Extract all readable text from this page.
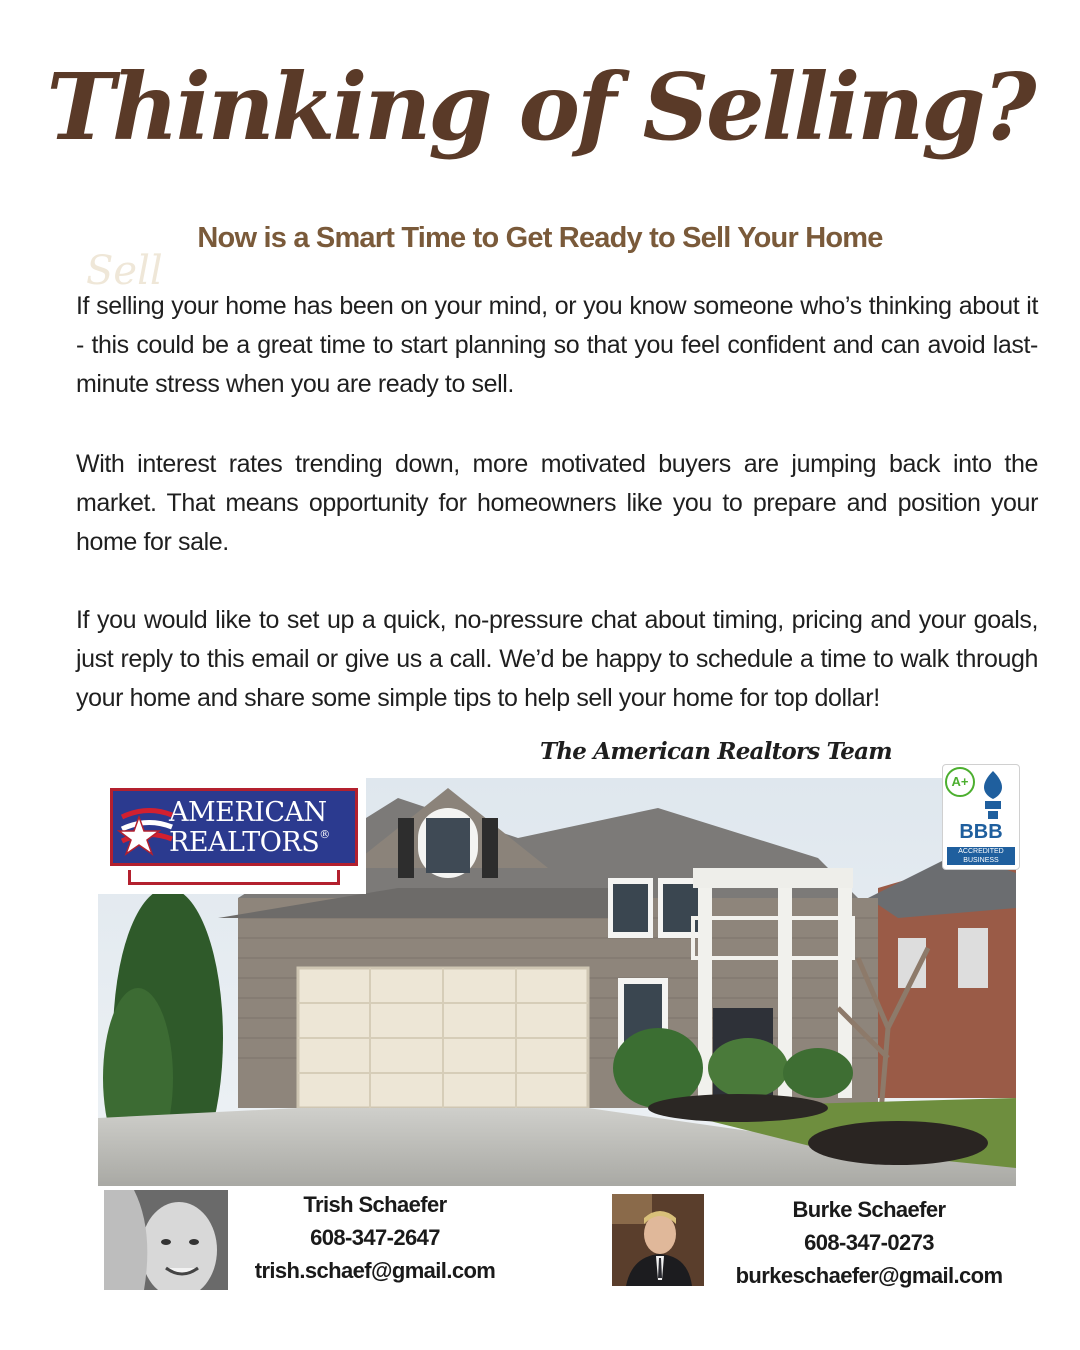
Sell
Thinking of Selling?
Now is a Smart Time to Get Ready to Sell Your Home

If selling your home has been on your mind, or you know someone who’s thinking about it - this could be a great time to start planning so that you feel confident and can avoid last-minute stress when you are ready to sell.

With interest rates trending down, more motivated buyers are jumping back into the market. That means opportunity for homeowners like you to prepare and position your home for sale.

If you would like to set up a quick, no-pressure chat about timing, pricing and your goals, just reply to this email or give us a call. We’d be happy to schedule a time to walk through your home and share some simple tips to help sell your home for top dollar!

The American Realtors Team
AMERICAN
REALTORS®
A+
BBB
ACCREDITED
BUSINESS
Trish Schaefer
608-347-2647
trish.schaef@gmail.com
Burke Schaefer
608-347-0273
burkeschaefer@gmail.com
